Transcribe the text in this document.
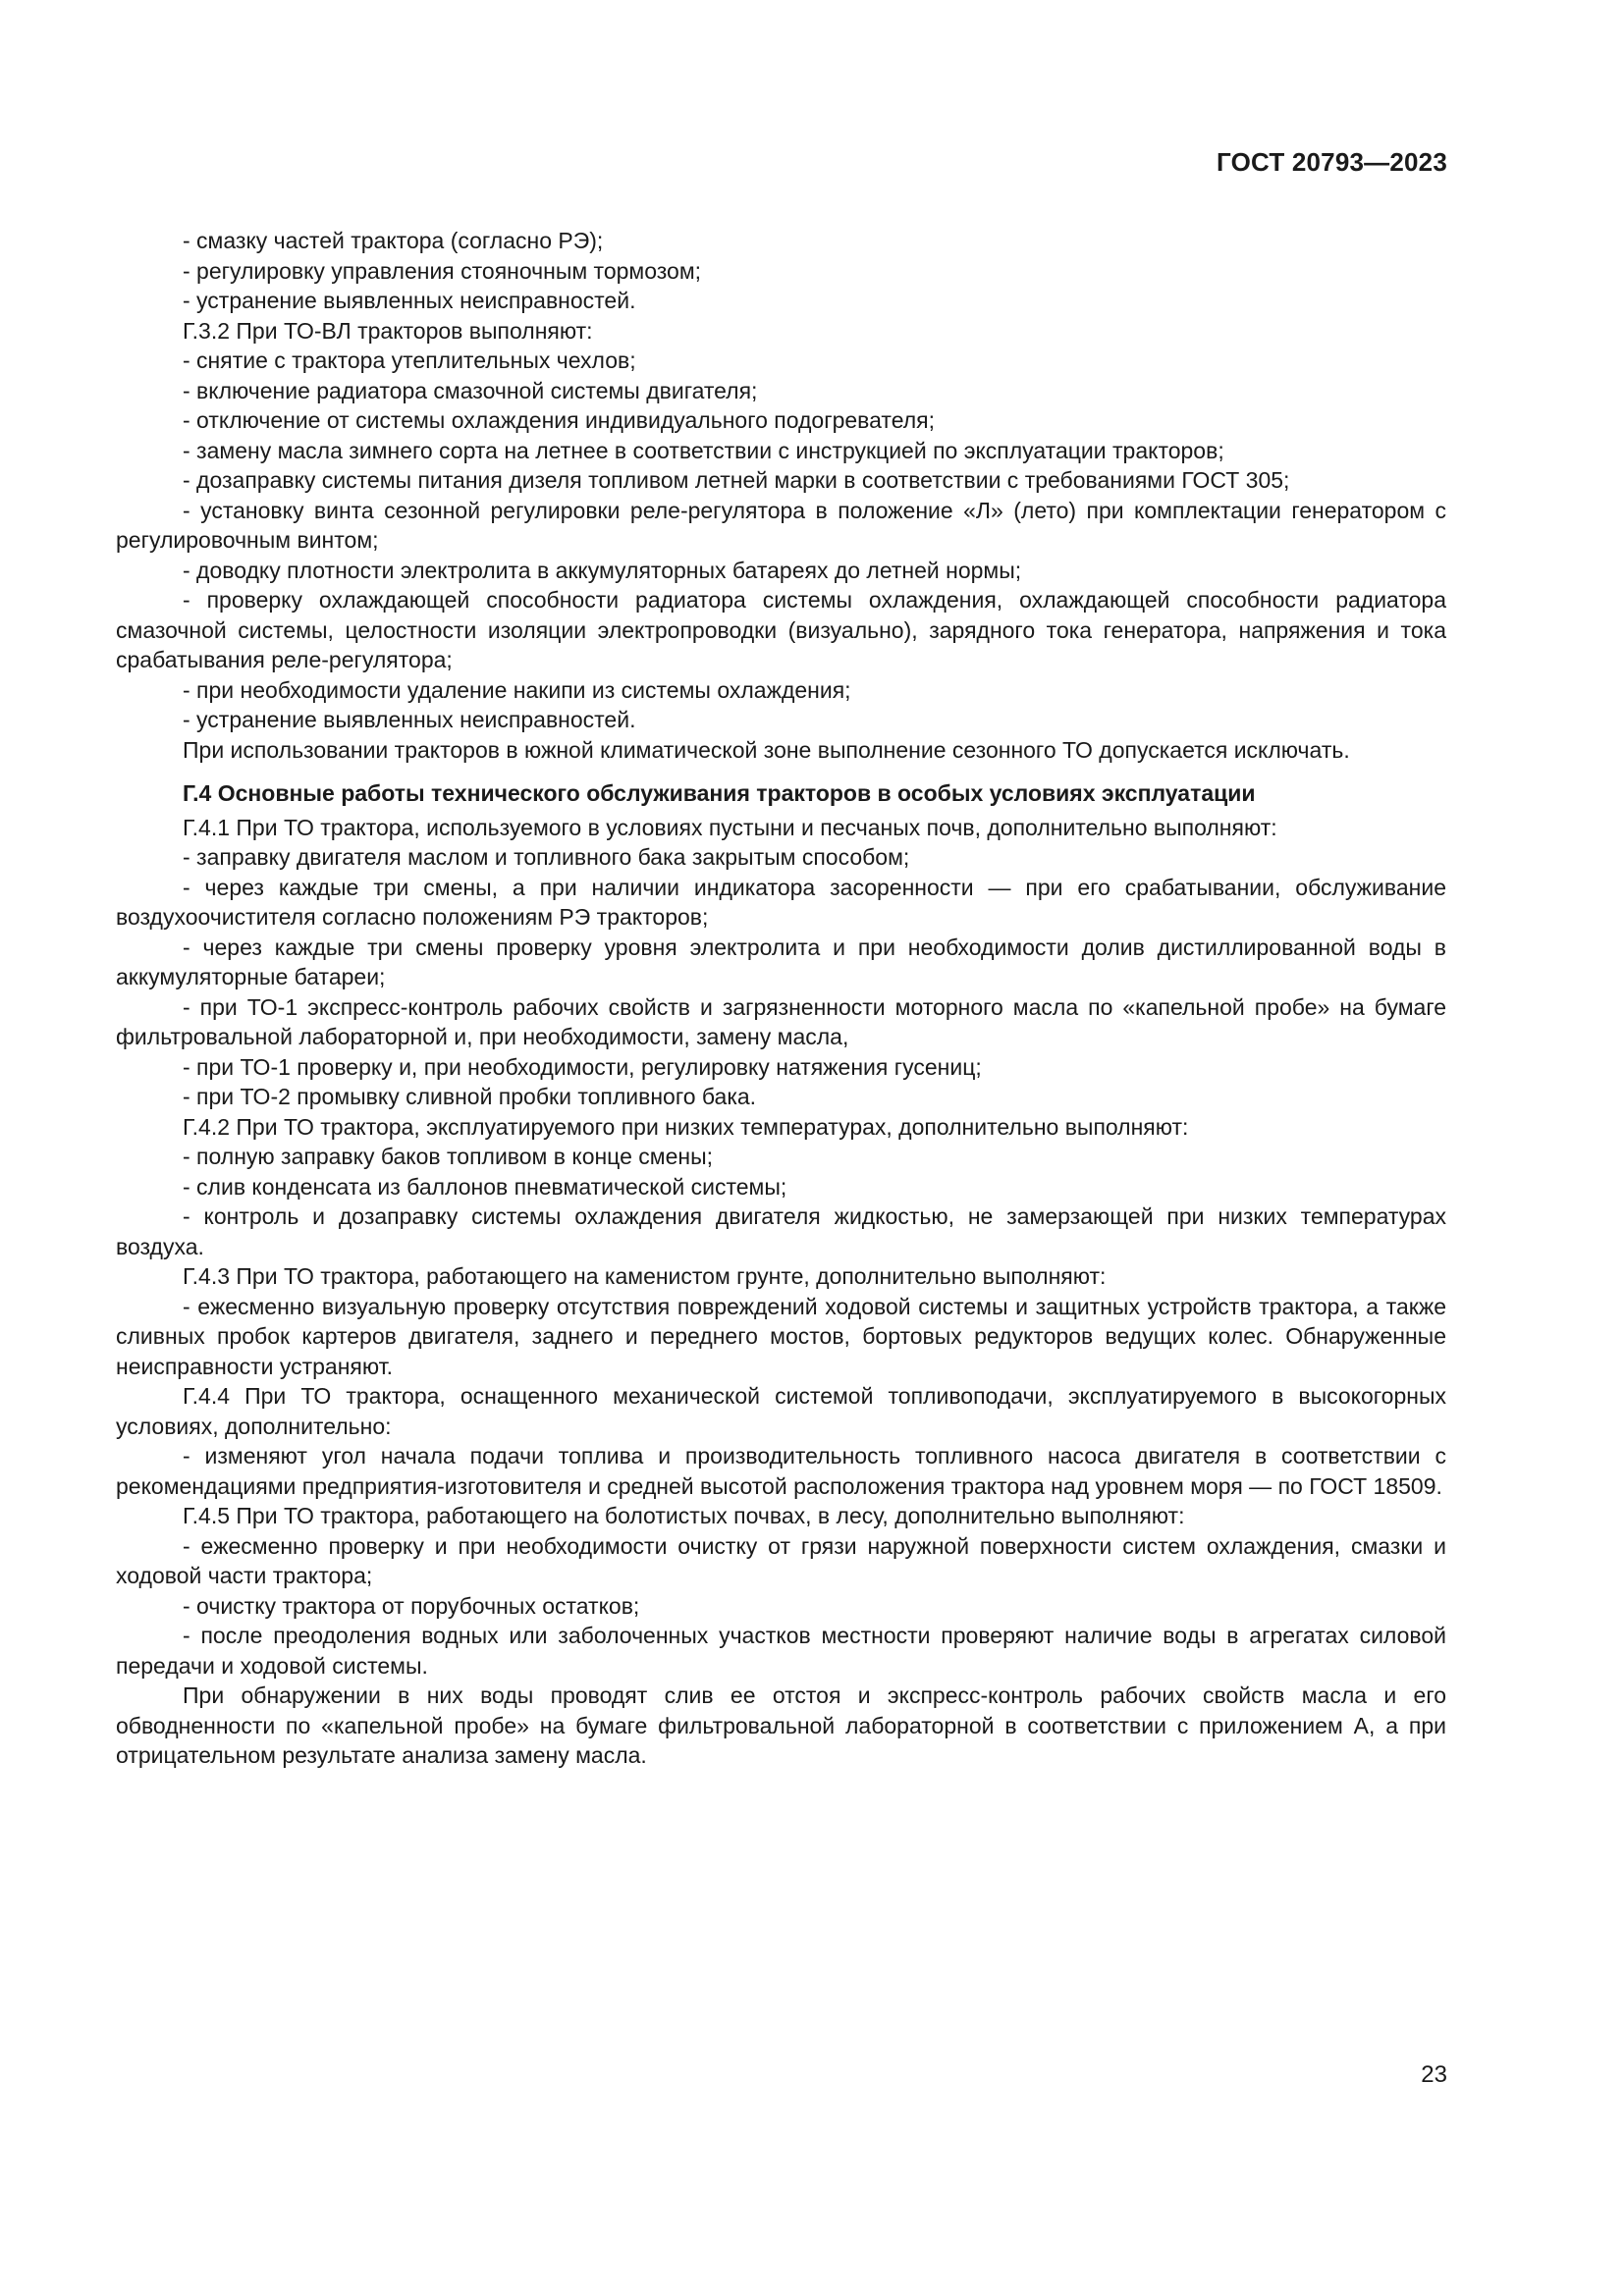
ГОСТ 20793—2023

- смазку частей трактора (согласно РЭ);

- регулировку управления стояночным тормозом;

- устранение выявленных неисправностей.

Г.3.2 При ТО-ВЛ тракторов выполняют:

- снятие с трактора утеплительных чехлов;

- включение радиатора смазочной системы двигателя;

- отключение от системы охлаждения индивидуального подогревателя;

- замену масла зимнего сорта на летнее в соответствии с инструкцией по эксплуатации тракторов;

- дозаправку системы питания дизеля топливом летней марки в соответствии с требованиями ГОСТ 305;

- установку винта сезонной регулировки реле-регулятора в положение «Л» (лето) при комплектации генератором с регулировочным винтом;

- доводку плотности электролита в аккумуляторных батареях до летней нормы;

- проверку охлаждающей способности радиатора системы охлаждения, охлаждающей способности радиатора смазочной системы, целостности изоляции электропроводки (визуально), зарядного тока генератора, напряжения и тока срабатывания реле-регулятора;

- при необходимости удаление накипи из системы охлаждения;

- устранение выявленных неисправностей.

При использовании тракторов в южной климатической зоне выполнение сезонного ТО допускается исключать.

Г.4 Основные работы технического обслуживания тракторов в особых условиях эксплуатации

Г.4.1 При ТО трактора, используемого в условиях пустыни и песчаных почв, дополнительно выполняют:

- заправку двигателя маслом и топливного бака закрытым способом;

- через каждые три смены, а при наличии индикатора засоренности — при его срабатывании, обслуживание воздухоочистителя согласно положениям РЭ тракторов;

- через каждые три смены проверку уровня электролита и при необходимости долив дистиллированной воды в аккумуляторные батареи;

- при ТО-1 экспресс-контроль рабочих свойств и загрязненности моторного масла по «капельной пробе» на бумаге фильтровальной лабораторной и, при необходимости, замену масла,

- при ТО-1 проверку и, при необходимости, регулировку натяжения гусениц;

- при ТО-2 промывку сливной пробки топливного бака.

Г.4.2 При ТО трактора, эксплуатируемого при низких температурах, дополнительно выполняют:

- полную заправку баков топливом в конце смены;

- слив конденсата из баллонов пневматической системы;

- контроль и дозаправку системы охлаждения двигателя жидкостью, не замерзающей при низких температурах воздуха.

Г.4.3 При ТО трактора, работающего на каменистом грунте, дополнительно выполняют:

- ежесменно визуальную проверку отсутствия повреждений ходовой системы и защитных устройств трактора, а также сливных пробок картеров двигателя, заднего и переднего мостов, бортовых редукторов ведущих колес. Обнаруженные неисправности устраняют.

Г.4.4 При ТО трактора, оснащенного механической системой топливоподачи, эксплуатируемого в высокогорных условиях, дополнительно:

- изменяют угол начала подачи топлива и производительность топливного насоса двигателя в соответствии с рекомендациями предприятия-изготовителя и средней высотой расположения трактора над уровнем моря — по ГОСТ 18509.

Г.4.5 При ТО трактора, работающего на болотистых почвах, в лесу, дополнительно выполняют:

- ежесменно проверку и при необходимости очистку от грязи наружной поверхности систем охлаждения, смазки и ходовой части трактора;

- очистку трактора от порубочных остатков;

- после преодоления водных или заболоченных участков местности проверяют наличие воды в агрегатах силовой передачи и ходовой системы.

При обнаружении в них воды проводят слив ее отстоя и экспресс-контроль рабочих свойств масла и его обводненности по «капельной пробе» на бумаге фильтровальной лабораторной в соответствии с приложением А, а при отрицательном результате анализа замену масла.

23
